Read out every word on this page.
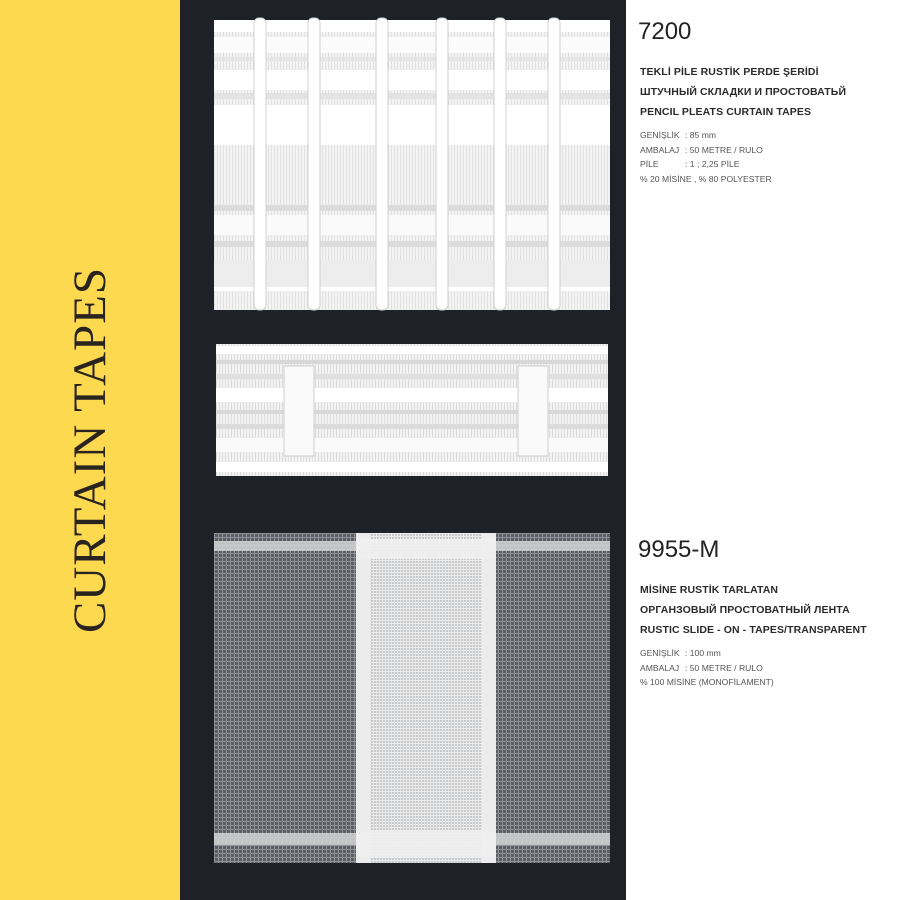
CURTAIN TAPES
7200
TEKLİ PİLE RUSTİK PERDE ŞERİDİ
ШТУЧНЫЙ СКЛАДКИ И ПРОСТОВАТЬЙ
PENCIL PLEATS CURTAIN TAPES
GENİŞLİK : 85 mm
AMBALAJ : 50 METRE / RULO
PİLE	: 1 ; 2,25 PİLE
% 20 MİSİNE , % 80 POLYESTER
9955-M
MİSİNE RUSTİK TARLATAN
ОРГАНЗОВЫЙ ПРОСТОВАТНЫЙ ЛЕНТА
RUSTIC SLIDE - ON - TAPES/TRANSPARENT
GENİŞLİK : 100 mm
AMBALAJ : 50 METRE / RULO
% 100 MİSİNE (MONOFİLAMENT)
